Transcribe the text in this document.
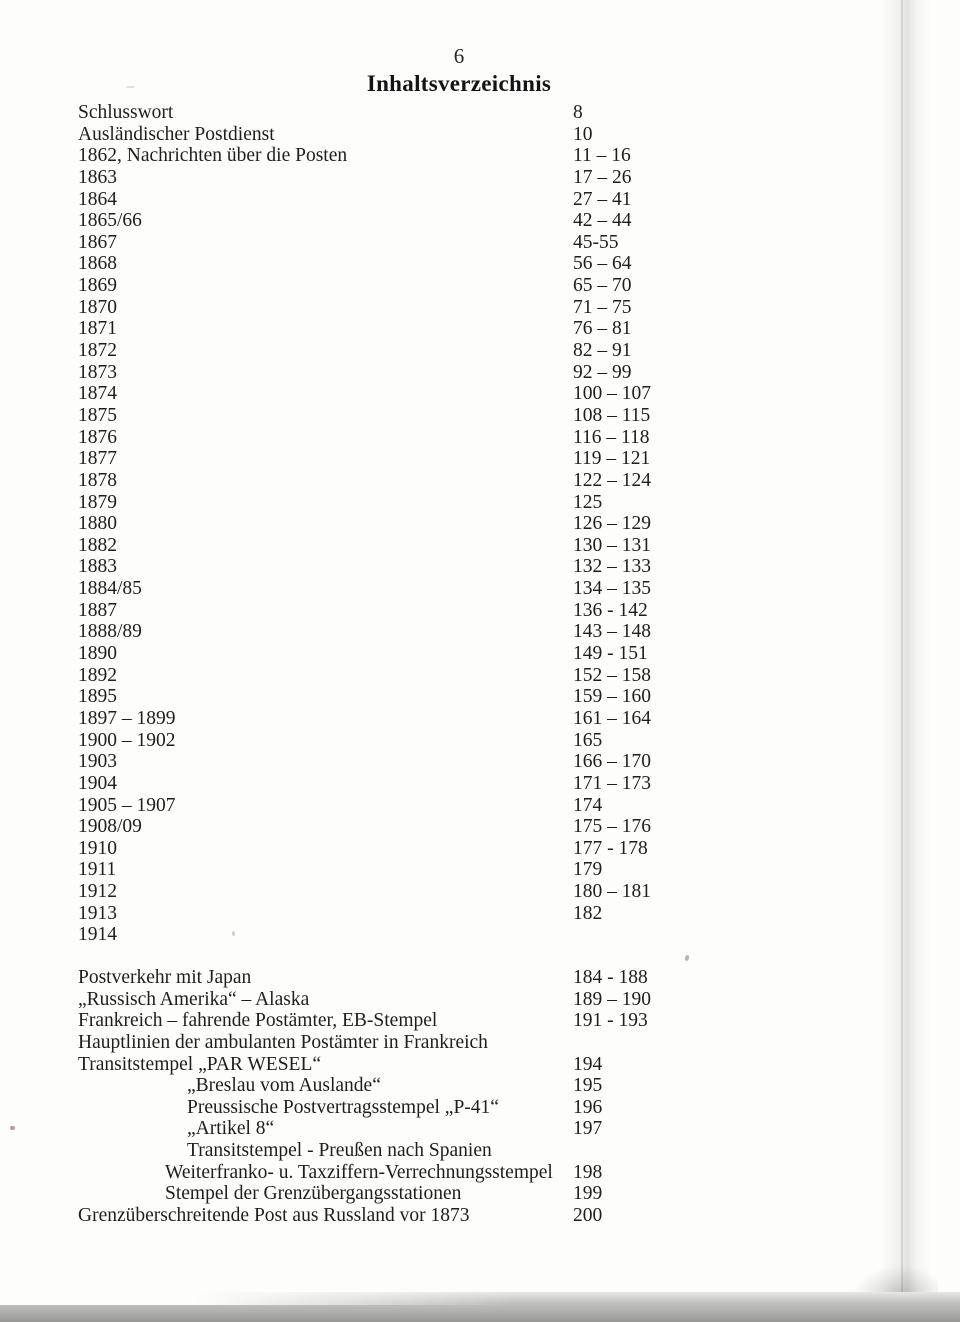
6
Inhaltsverzeichnis
Schlusswort	8
Ausländischer Postdienst	10
1862, Nachrichten über die Posten	11 – 16
1863	17 – 26
1864	27 – 41
1865/66	42 – 44
1867	45-55
1868	56 – 64
1869	65 – 70
1870	71 – 75
1871	76 – 81
1872	82 – 91
1873	92 – 99
1874	100 – 107
1875	108 – 115
1876	116 – 118
1877	119 – 121
1878	122 – 124
1879	125
1880	126 – 129
1882	130 – 131
1883	132 – 133
1884/85	134 – 135
1887	136 - 142
1888/89	143 – 148
1890	149 - 151
1892	152 – 158
1895	159 – 160
1897 – 1899	161 – 164
1900 – 1902	165
1903	166 – 170
1904	171 – 173
1905 – 1907	174
1908/09	175 – 176
1910	177 - 178
1911	179
1912	180 – 181
1913	182
1914
Postverkehr mit Japan	184 - 188
„Russisch Amerika“ – Alaska	189 – 190
Frankreich – fahrende Postämter, EB-Stempel	191 - 193
Hauptlinien der ambulanten Postämter in Frankreich
Transitstempel „PAR WESEL“	194
„Breslau vom Auslande“	195
Preussische Postvertragsstempel „P-41“	196
„Artikel 8“	197
Transitstempel - Preußen nach Spanien
Weiterfranko- u. Taxziffern-Verrechnungsstempel 198
Stempel der Grenzübergangsstationen	199
Grenzüberschreitende Post aus Russland vor 1873	200
